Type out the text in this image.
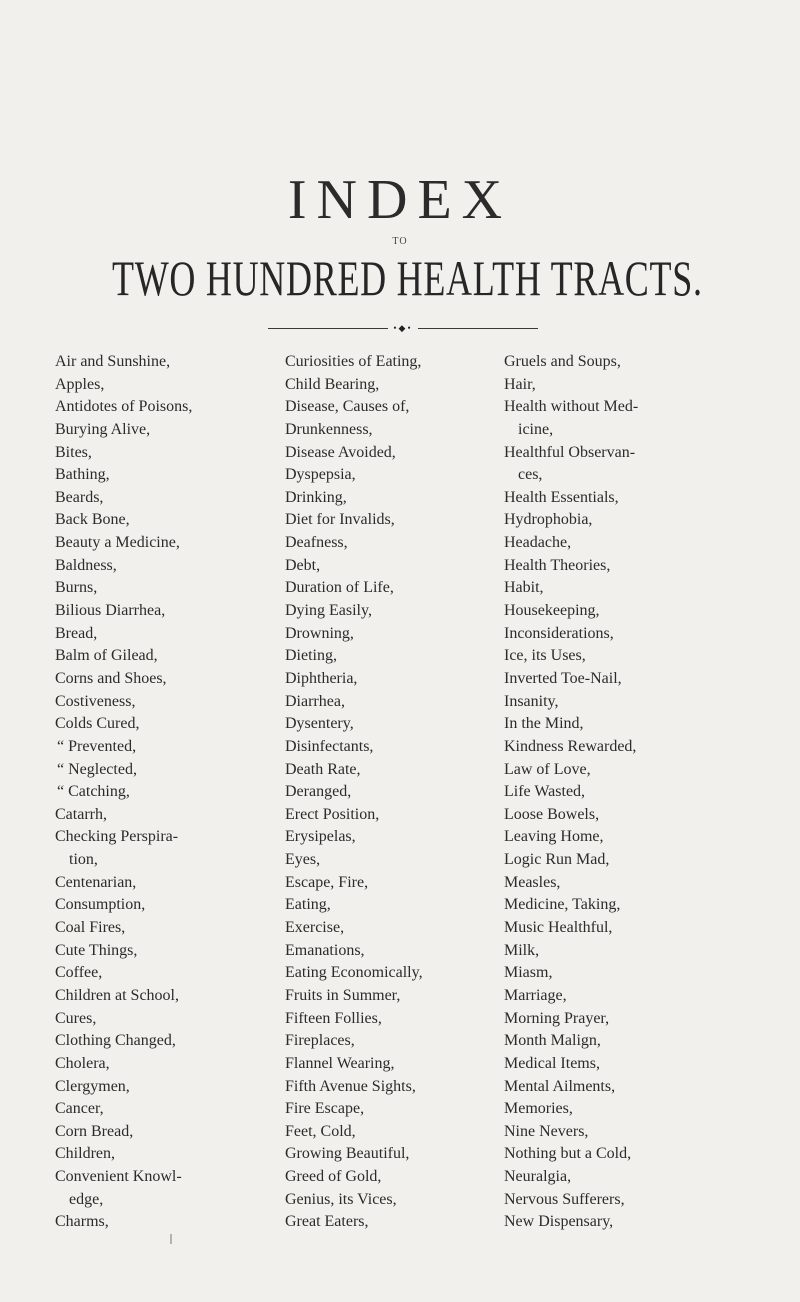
INDEX
TO
TWO HUNDRED HEALTH TRACTS.
•◆•
Air and Sunshine,
Apples,
Antidotes of Poisons,
Burying Alive,
Bites,
Bathing,
Beards,
Back Bone,
Beauty a Medicine,
Baldness,
Burns,
Bilious Diarrhea,
Bread,
Balm of Gilead,
Corns and Shoes,
Costiveness,
Colds Cured,
“ Prevented,
“ Neglected,
“ Catching,
Catarrh,
Checking Perspira-
tion,
Centenarian,
Consumption,
Coal Fires,
Cute Things,
Coffee,
Children at School,
Cures,
Clothing Changed,
Cholera,
Clergymen,
Cancer,
Corn Bread,
Children,
Convenient Knowl-
edge,
Charms,
Curiosities of Eating,
Child Bearing,
Disease, Causes of,
Drunkenness,
Disease Avoided,
Dyspepsia,
Drinking,
Diet for Invalids,
Deafness,
Debt,
Duration of Life,
Dying Easily,
Drowning,
Dieting,
Diphtheria,
Diarrhea,
Dysentery,
Disinfectants,
Death Rate,
Deranged,
Erect Position,
Erysipelas,
Eyes,
Escape, Fire,
Eating,
Exercise,
Emanations,
Eating Economically,
Fruits in Summer,
Fifteen Follies,
Fireplaces,
Flannel Wearing,
Fifth Avenue Sights,
Fire Escape,
Feet, Cold,
Growing Beautiful,
Greed of Gold,
Genius, its Vices,
Great Eaters,
Gruels and Soups,
Hair,
Health without Med-
icine,
Healthful Observan-
ces,
Health Essentials,
Hydrophobia,
Headache,
Health Theories,
Habit,
Housekeeping,
Inconsiderations,
Ice, its Uses,
Inverted Toe-Nail,
Insanity,
In the Mind,
Kindness Rewarded,
Law of Love,
Life Wasted,
Loose Bowels,
Leaving Home,
Logic Run Mad,
Measles,
Medicine, Taking,
Music Healthful,
Milk,
Miasm,
Marriage,
Morning Prayer,
Month Malign,
Medical Items,
Mental Ailments,
Memories,
Nine Nevers,
Nothing but a Cold,
Neuralgia,
Nervous Sufferers,
New Dispensary,
